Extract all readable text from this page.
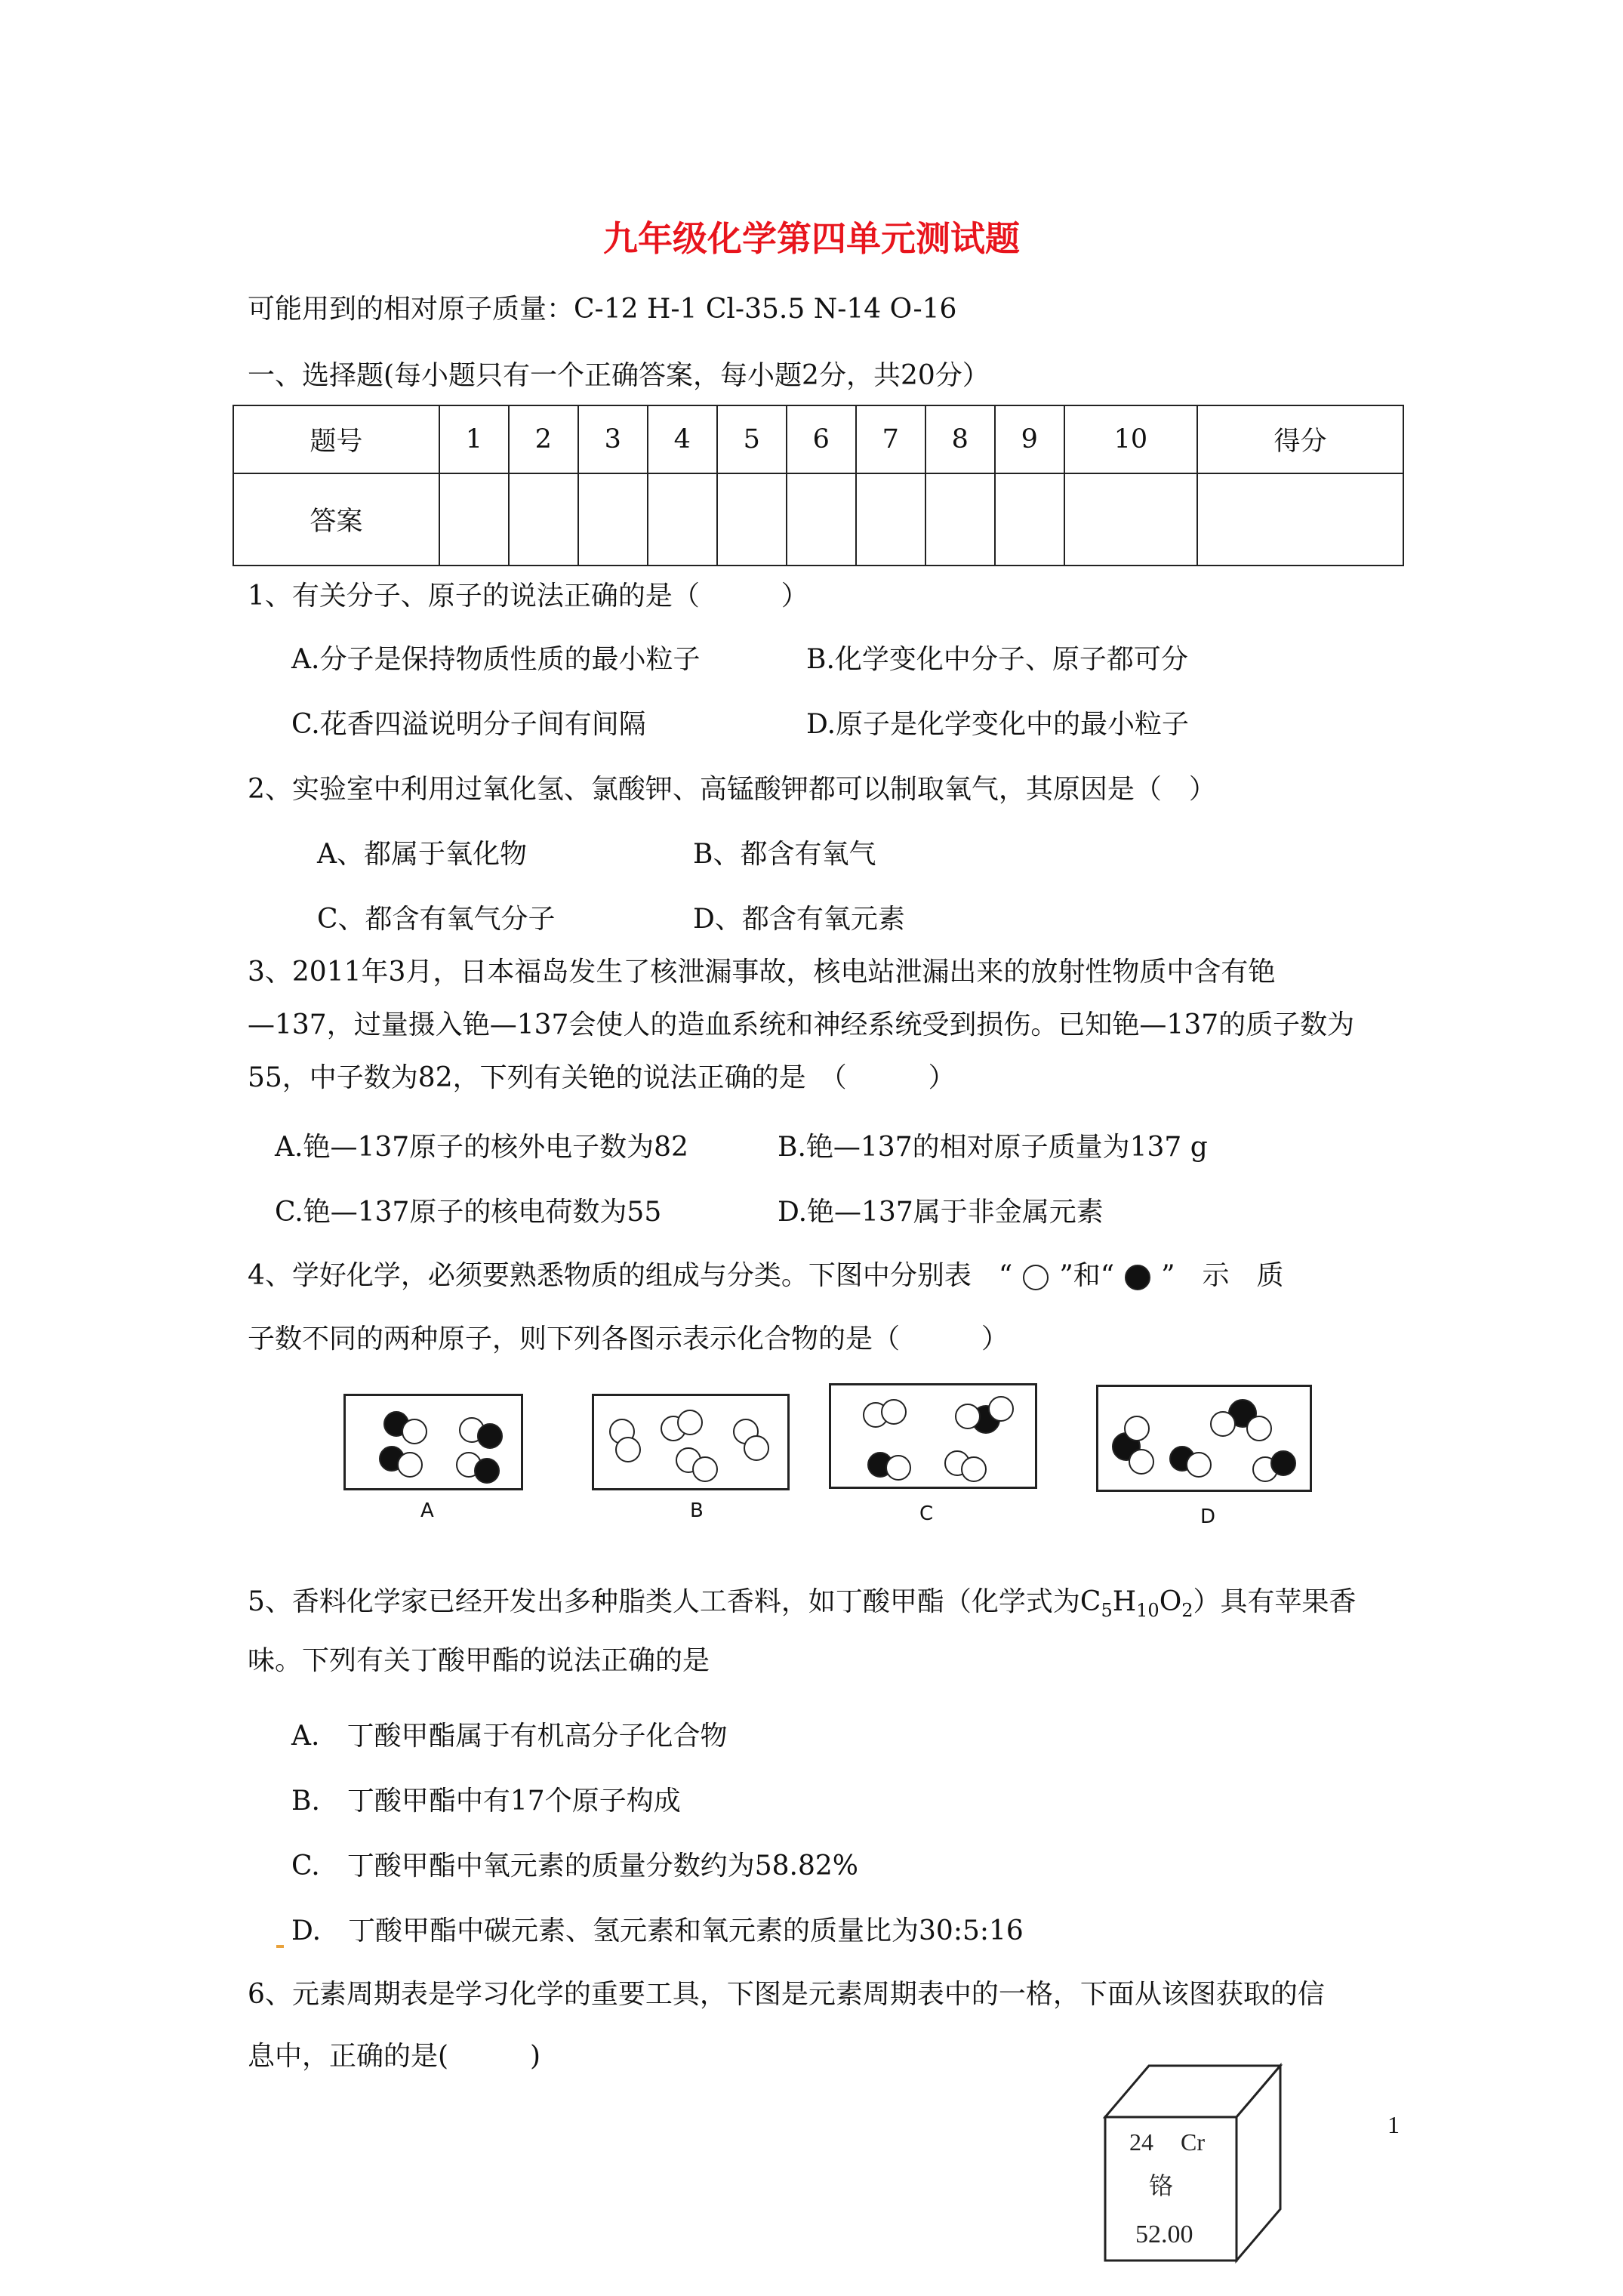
九年级化学第四单元测试题
可能用到的相对原子质量：C-12 H-1 Cl-35.5 N-14 O-16
一、选择题(每小题只有一个正确答案，每小题2分，共20分）
题号	1	2	3	4	5	6	7	8	9	10	得分
答案											
1、有关分子、原子的说法正确的是（　　　）
A.分子是保持物质性质的最小粒子	B.化学变化中分子、原子都可分
C.花香四溢说明分子间有间隔	D.原子是化学变化中的最小粒子
2、实验室中利用过氧化氢、氯酸钾、高锰酸钾都可以制取氧气，其原因是（　）
A、都属于氧化物	B、都含有氧气
C、都含有氧气分子	D、都含有氧元素
3、2011年3月，日本福岛发生了核泄漏事故，核电站泄漏出来的放射性物质中含有铯
—137，过量摄入铯—137会使人的造血系统和神经系统受到损伤。已知铯—137的质子数为
55，中子数为82，下列有关铯的说法正确的是　（　　　）
A.铯—137原子的核外电子数为82	B.铯—137的相对原子质量为137 g
C.铯—137原子的核电荷数为55	D.铯—137属于非金属元素
4、学好化学，必须要熟悉物质的组成与分类。下图中分别表　“ ”和“ ”　示　质
子数不同的两种原子，则下列各图示表示化合物的是（　　　）
A	B	C	D
5、香料化学家已经开发出多种脂类人工香料，如丁酸甲酯（化学式为$C_5H_{10}O_2$）具有苹果香
味。下列有关丁酸甲酯的说法正确的是
A.　丁酸甲酯属于有机高分子化合物
B.　丁酸甲酯中有17个原子构成
C.　丁酸甲酯中氧元素的质量分数约为58.82%
D.　丁酸甲酯中碳元素、氢元素和氧元素的质量比为30:5:16
6、元素周期表是学习化学的重要工具，下图是元素周期表中的一格，下面从该图获取的信
息中，正确的是(　　　)
24 Cr
铬
52.00
1
